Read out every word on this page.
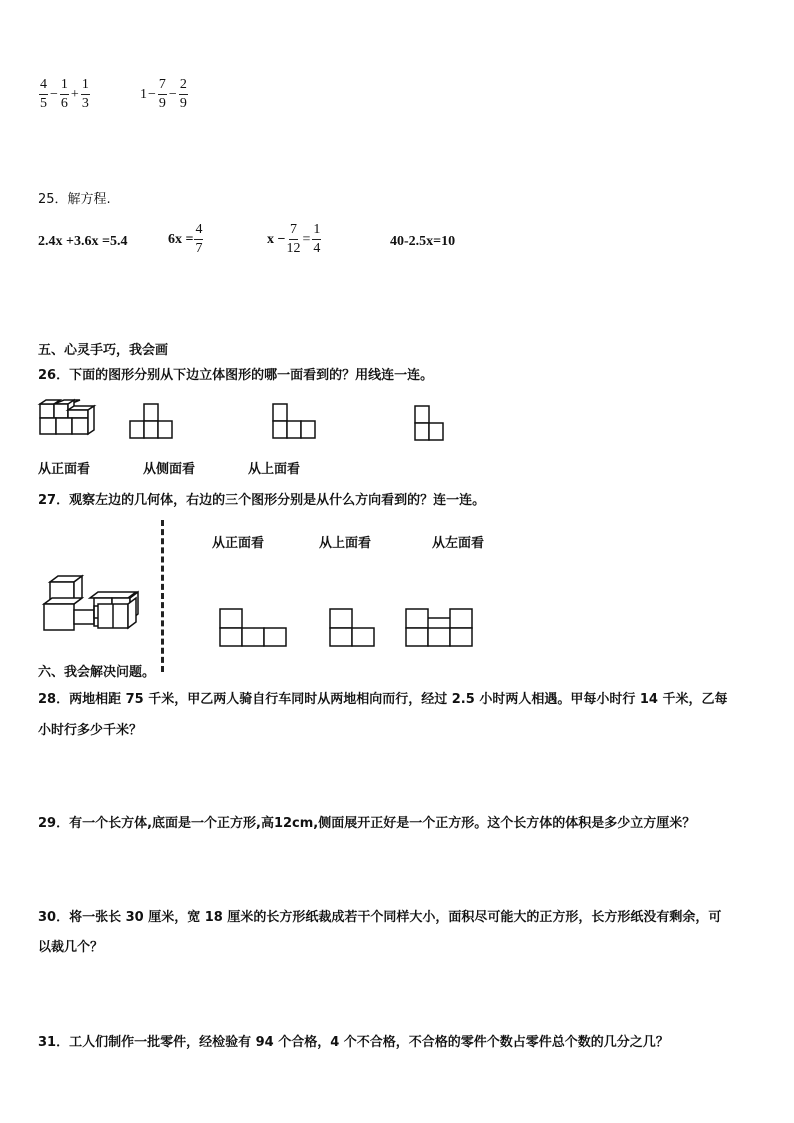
$\frac{4}{5} - \frac{1}{6} + \frac{1}{3}$	$1 - \frac{7}{9} - \frac{2}{9}$
25．解方程.
2.4x +3.6x =5.4	$6x = \frac{4}{7}$	$x - \frac{7}{12} = \frac{1}{4}$	40-2.5x=10
五、心灵手巧，我会画
26．下面的图形分别从下边立体图形的哪一面看到的？用线连一连。
从正面看	从侧面看	从上面看
27．观察左边的几何体，右边的三个图形分别是从什么方向看到的？连一连。
从正面看	从上面看	从左面看
六、我会解决问题。
28．两地相距 75 千米，甲乙两人骑自行车同时从两地相向而行，经过 2.5 小时两人相遇。甲每小时行 14 千米，乙每
小时行多少千米？
29．有一个长方体,底面是一个正方形,高12cm,侧面展开正好是一个正方形。这个长方体的体积是多少立方厘米？
30．将一张长 30 厘米，宽 18 厘米的长方形纸裁成若干个同样大小，面积尽可能大的正方形，长方形纸没有剩余，可
以裁几个？
31．工人们制作一批零件，经检验有 94 个合格，4 个不合格，不合格的零件个数占零件总个数的几分之几？
